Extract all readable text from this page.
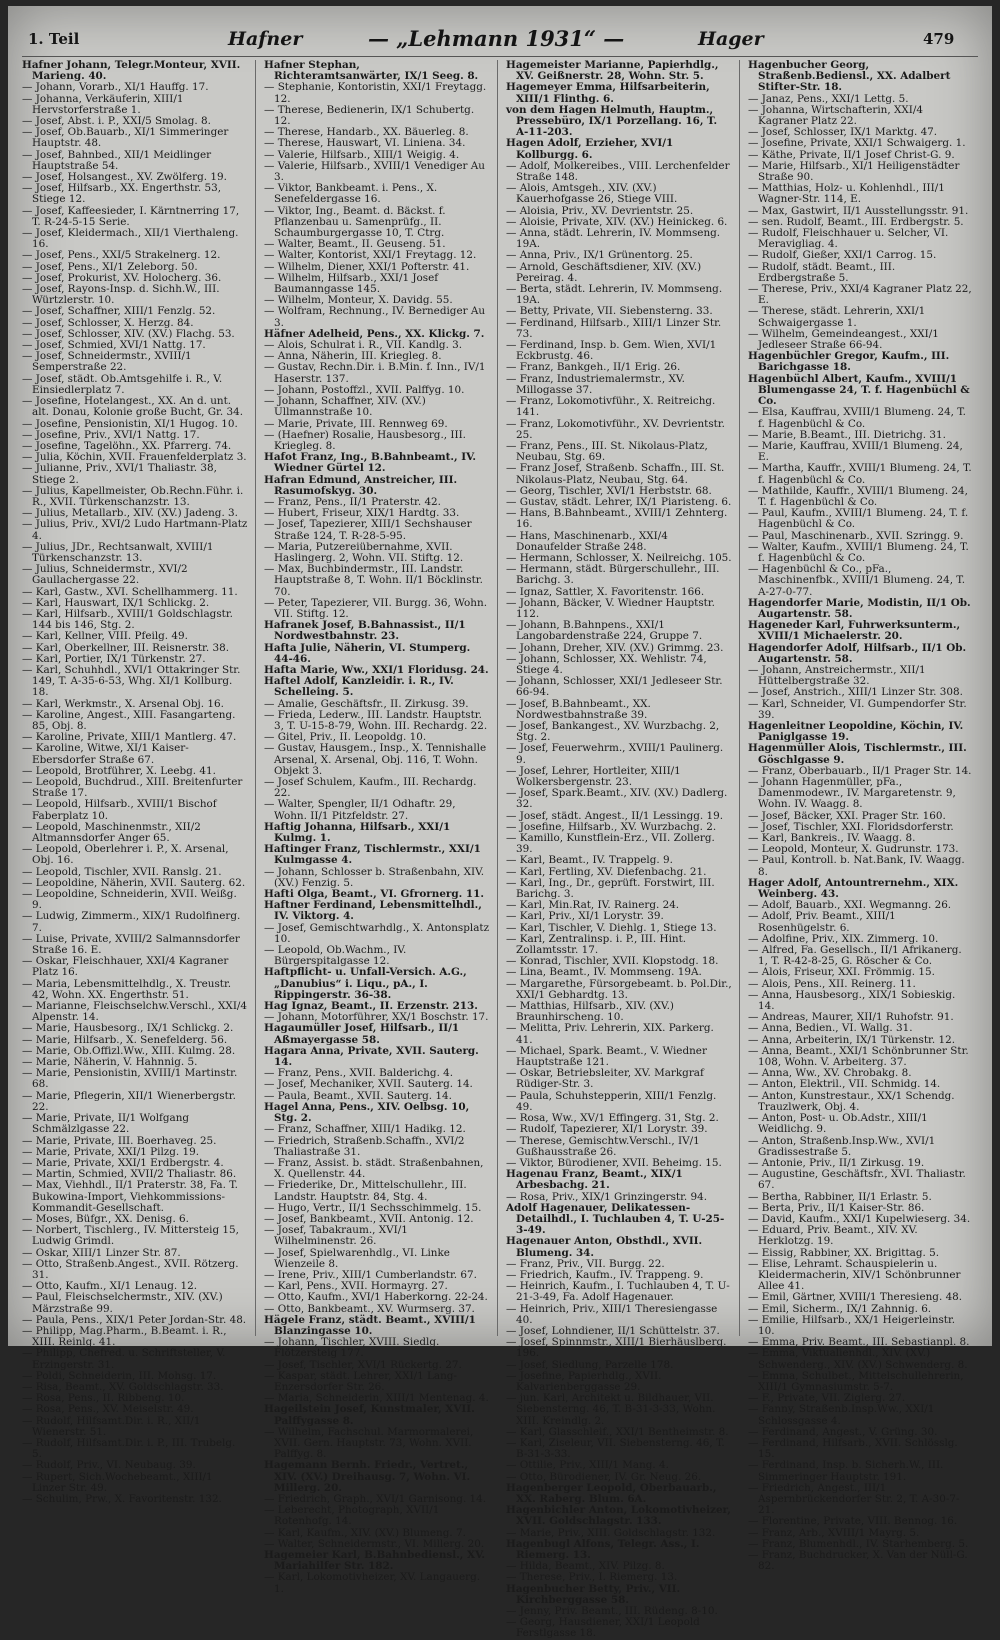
1. Teil	Hafner	— „Lehmann 1931“ —	Hager	479

Hafner Johann, Telegr.Monteur, XVII. Marieng. 40.

— Johann, Vorarb., XI/1 Hauffg. 17.

— Johanna, Verkäuferin, XIII/1 Hervstorferstraße 1.

— Josef, Abst. i. P., XXI/5 Smolag. 8.

— Josef, Ob.Bauarb., XI/1 Simmeringer Hauptstr. 48.

— Josef, Bahnbed., XII/1 Meidlinger Hauptstraße 54.

— Josef, Holsangest., XV. Zwölferg. 19.

— Josef, Hilfsarb., XX. Engerthstr. 53, Stiege 12.

— Josef, Kaffeesieder, I. Kärntnerring 17, T. R-24-5-15 Serie.

— Josef, Kleidermach., XII/1 Vierthaleng. 16.

— Josef, Pens., XXI/5 Strakelnerg. 12.

— Josef, Pens., XI/1 Zeleborg. 50.

— Josef, Prokurist, XV. Holocherg. 36.

— Josef, Rayons-Insp. d. Sichh.W., III. Würtzlerstr. 10.

— Josef, Schaffner, XIII/1 Fenzlg. 52.

— Josef, Schlosser, X. Herzg. 84.

— Josef, Schlosser, XIV. (XV.) Flachg. 53.

— Josef, Schmied, XVI/1 Nattg. 17.

— Josef, Schneidermstr., XVIII/1 Semperstraße 22.

— Josef, städt. Ob.Amtsgehilfe i. R., V. Einsiedlerplatz 7.

— Josefine, Hotelangest., XX. An d. unt. alt. Donau, Kolonie große Bucht, Gr. 34.

— Josefine, Pensionistin, XI/1 Hugog. 10.

— Josefine, Priv., XVI/1 Nattg. 17.

— Josefine, Tagelöhn., XX. Pfarrerg. 74.

— Julia, Köchin, XVII. Frauenfelderplatz 3.

— Julianne, Priv., XVI/1 Thaliastr. 38, Stiege 2.

— Julius, Kapellmeister, Ob.Rechn.Führ. i. R., XVII. Türkenschanzstr. 13.

— Julius, Metallarb., XIV. (XV.) Jadeng. 3.

— Julius, Priv., XVI/2 Ludo Hartmann-Platz 4.

— Julius, JDr., Rechtsanwalt, XVIII/1 Türkenschanzstr. 13.

— Julius, Schneidermstr., XVI/2 Gaullachergasse 22.

— Karl, Gastw., XVI. Schellhammerg. 11.

— Karl, Hauswart, IX/1 Schlickg. 2.

— Karl, Hilfsarb., XVIII/1 Goldschlagstr. 144 bis 146, Stg. 2.

— Karl, Kellner, VIII. Pfeilg. 49.

— Karl, Oberkellner, III. Reisnerstr. 38.

— Karl, Portier, IX/1 Türkenstr. 27.

— Karl, Schuhhdl., XVI/1 Ottakringer Str. 149, T. A-35-6-53, Whg. XI/1 Kollburg. 18.

— Karl, Werkmstr., X. Arsenal Obj. 16.

— Karoline, Angest., XIII. Fasangarteng. 85, Obj. 8.

— Karoline, Private, XIII/1 Mantlerg. 47.

— Karoline, Witwe, XI/1 Kaiser-Ebersdorfer Straße 67.

— Leopold, Brotführer, X. Leebg. 41.

— Leopold, Buchdrud., XIII. Breitenfurter Straße 17.

— Leopold, Hilfsarb., XVIII/1 Bischof Faberplatz 10.

— Leopold, Maschinenmstr., XII/2 Altmannsdorfer Anger 65.

— Leopold, Oberlehrer i. P., X. Arsenal, Obj. 16.

— Leopold, Tischler, XVII. Ranslg. 21.

— Leopoldine, Näherin, XVII. Sauterg. 62.

— Leopoldine, Schneiderin, XVII. Weißg. 9.

— Ludwig, Zimmerm., XIX/1 Rudolfinerg. 7.

— Luise, Private, XVIII/2 Salmannsdorfer Straße 16. E.

— Oskar, Fleischhauer, XXI/4 Kagraner Platz 16.

— Maria, Lebensmittelhdlg., X. Treustr. 42, Wohn. XX. Engerthstr. 51.

— Marianne, Fleischselchw.Verschl., XXI/4 Alpenstr. 14.

— Marie, Hausbesorg., IX/1 Schlickg. 2.

— Marie, Hilfsarb., X. Senefelderg. 56.

— Marie, Ob.Offizl.Ww., XIII. Kulmg. 28.

— Marie, Näherin, V. Hahnnig. 5.

— Marie, Pensionistin, XVIII/1 Martinstr. 68.

— Marie, Pflegerin, XII/1 Wienerbergstr. 22.

— Marie, Private, II/1 Wolfgang Schmälzlgasse 22.

— Marie, Private, III. Boerhaveg. 25.

— Marie, Private, XXI/1 Pilzg. 19.

— Marie, Private, XXI/1 Erdbergstr. 4.

— Martin, Schmied, XVII/2 Thaliastr. 86.

— Max, Viehhdl., II/1 Praterstr. 38, Fa. T. Bukowina-Import, Viehkommissions-Kommandit-Gesellschaft.

— Moses, Büfgr., XX. Denisg. 6.

— Norbert, Tischlerg., IV. Mittersteig 15, Ludwig Grimdl.

— Oskar, XIII/1 Linzer Str. 87.

— Otto, Straßenb.Angest., XVII. Rötzerg. 31.

— Otto, Kaufm., XI/1 Lenaug. 12.

— Paul, Fleischselchermstr., XIV. (XV.) Märzstraße 99.

— Paula, Pens., XIX/1 Peter Jordan-Str. 48.

— Philipp, Mag.Pharm., B.Beamt. i. R., XIII. Reinlg. 41.

— Philipp, Chefred. u. Schriftsteller, V. Erzingerstr. 31.

— Poldi, Schneiderin, III. Mohsg. 17.

— Risa, Beamt., XV. Goldschlagstr. 33.

— Rosa, Pens., II. Ribbeng. 10.

— Rosa, Pens., XV. Meiselstr. 49.

— Rudolf, Hilfsamt.Dir. i. R., XII/1 Wienerstr. 51.

— Rudolf, Hilfsamt.Dir. i. P., III. Trubelg. 5.

— Rudolf, Priv., VI. Neubaug. 39.

— Rupert, Sich.Wochebeamt., XIII/1 Linzer Str. 49.

— Schulim, Prw., X. Favoritenstr. 132.

Hafner Stephan, Richteramtsanwärter, IX/1 Seeg. 8.

— Stephanie, Kontoristin, XXI/1 Freytagg. 12.

— Therese, Bedienerin, IX/1 Schubertg. 12.

— Therese, Handarb., XX. Bäuerleg. 8.

— Therese, Hauswart, VI. Liniena. 34.

— Valerie, Hilfsarb., XIII/1 Weigig. 4.

— Valerie, Hilfsarb., XVIII/1 Venediger Au 3.

— Viktor, Bankbeamt. i. Pens., X. Senefeldergasse 16.

— Viktor, Ing., Beamt. d. Bäckst. f. Pflanzenbau u. Samenprüfg., II. Schaumburgergasse 10, T. Ctrg.

— Walter, Beamt., II. Geuseng. 51.

— Walter, Kontorist, XXI/1 Freytagg. 12.

— Wilhelm, Diener, XXI/1 Pofterstr. 41.

— Wilhelm, Hilfsarb., XXI/1 Josef Baumanngasse 145.

— Wilhelm, Monteur, X. Davidg. 55.

— Wolfram, Rechnung., IV. Bernediger Au 3.

Häfner Adelheid, Pens., XX. Klickg. 7.

— Alois, Schulrat i. R., VII. Kandlg. 3.

— Anna, Näherin, III. Kriegleg. 8.

— Gustav, Rechn.Dir. i. B.Min. f. Inn., IV/1 Haserstr. 137.

— Johann, Postoffzl., XVII. Palffyg. 10.

— Johann, Schaffner, XIV. (XV.) Ullmannstraße 10.

— Marie, Private, III. Rennweg 69.

— (Haefner) Rosalie, Hausbesorg., III. Kriegleg. 8.

Hafot Franz, Ing., B.Bahnbeamt., IV. Wiedner Gürtel 12.

Hafran Edmund, Anstreicher, III. Rasumofskyg. 30.

— Franz, Pens., II/1 Praterstr. 42.

— Hubert, Friseur, XIX/1 Hardtg. 33.

— Josef, Tapezierer, XIII/1 Sechshauser Straße 124, T. R-28-5-95.

— Maria, Putzereiübernahme, XVII. Haslingerg. 2, Wohn. VII. Stiftg. 12.

— Max, Buchbindermstr., III. Landstr. Hauptstraße 8, T. Wohn. II/1 Böcklinstr. 70.

— Peter, Tapezierer, VII. Burgg. 36, Wohn. VII. Stiftg. 12.

Hafranek Josef, B.Bahnassist., II/1 Nordwestbahnstr. 23.

Hafta Julie, Näherin, VI. Stumperg. 44-46.

Hafta Marie, Ww., XXI/1 Floridusg. 24.

Haftel Adolf, Kanzleidir. i. R., IV. Schelleing. 5.

— Amalie, Geschäftsfr., II. Zirkusg. 39.

— Frieda, Lederw., III. Landstr. Hauptstr. 3, T. U-15-8-79, Wohn. III. Rechardg. 22.

— Gitel, Priv., II. Leopoldg. 10.

— Gustav, Hausgem., Insp., X. Tennishalle Arsenal, X. Arsenal, Obj. 116, T. Wohn. Objekt 3.

— Josef Schulem, Kaufm., III. Rechardg. 22.

— Walter, Spengler, II/1 Odhaftr. 29, Wohn. II/1 Pitzfeldstr. 27.

Haftig Johanna, Hilfsarb., XXI/1 Kulmg. 1.

Haftinger Franz, Tischlermstr., XXI/1 Kulmgasse 4.

— Johann, Schlosser b. Straßenbahn, XIV. (XV.) Fenzig. 5.

Hafti Olga, Beamt., VI. Gfrornerg. 11.

Haftner Ferdinand, Lebensmittelhdl., IV. Viktorg. 4.

— Josef, Gemischtwarhdlg., X. Antonsplatz 10.

— Leopold, Ob.Wachm., IV. Bürgerspitalgasse 12.

Haftpflicht- u. Unfall-Versich. A.G., „Danubius“ i. Liqu., pA., I. Rippingerstr. 36-38.

Hag Ignaz, Beamt., II. Erzenstr. 213.

— Johann, Motorführer, XX/1 Boschstr. 17.

Hagaumüller Josef, Hilfsarb., II/1 Aßmayergasse 58.

Hagara Anna, Private, XVII. Sauterg. 14.

— Franz, Pens., XVII. Balderichg. 4.

— Josef, Mechaniker, XVII. Sauterg. 14.

— Paula, Beamt., XVII. Sauterg. 14.

Hagel Anna, Pens., XIV. Oelbsg. 10, Stg. 2.

— Franz, Schaffner, XIII/1 Hadikg. 12.

— Friedrich, Straßenb.Schaffn., XVI/2 Thaliastraße 31.

— Franz, Assist. b. städt. Straßenbahnen, X. Quellenstr. 44.

— Friederike, Dr., Mittelschullehr., III. Landstr. Hauptstr. 84, Stg. 4.

— Hugo, Vertr., II/1 Sechsschimmelg. 15.

— Josef, Bankbeamt., XVII. Antonig. 12.

— Josef, Tabakraum., XVI/1 Wilhelminenstr. 26.

— Josef, Spielwarenhdlg., VI. Linke Wienzeile 8.

— Irene, Priv., XIII/1 Cumberlandstr. 67.

— Karl, Pens., XVII. Hormayrg. 27.

— Otto, Kaufm., XVI/1 Haberkorng. 22-24.

— Otto, Bankbeamt., XV. Wurmserg. 37.

Hägele Franz, städt. Beamt., XVIII/1 Blanzingasse 10.

— Johann, Tischler, XVIII. Siedlg. Flötzersteig 177.

— Josef, Tischler, XVI/1 Rückertg. 27.

— Kaspar, städt. Lehrer, XXI/1 Lang-Enzersdorfer Str. 26.

— Maria, Schneiderin, XIII/1 Mentenag. 4.

Hageilstein Josef, Kunstmaler, XVII. Palffygasse 8.

— Wilhelm, Fachschul. Marmormalerei, XVII. Gern. Hauptstr. 73, Wohn. XVII. Palffyg. 8.

Hagemann Bernh. Friedr., Vertret., XIV. (XV.) Dreihausg. 7, Wohn. VI. Millerg. 20.

— Friedrich, Graph., XVI/1 Garnisong. 14.

— Leberecht, Photograph, XVII/1 Rotenhofg. 14.

— Karl, Kaufm., XIV. (XV.) Blumeng. 7.

— Walter, Schneidermstr., VI. Millerg. 20.

Hagemeier Karl, B.Bahnbediensl., XV. Mariahilfer Str. 182.

— Karl, Lokomotivheizer, XV. Langauerg. 1.

Hagemeister Marianne, Papierhdlg., XV. Geißnerstr. 28, Wohn. Str. 5.

Hagemeyer Emma, Hilfsarbeiterin, XIII/1 Flinthg. 6.

von dem Hagen Helmuth, Hauptm., Pressebüro, IX/1 Porzellang. 16, T. A-11-203.

Hagen Adolf, Erzieher, XVI/1 Kollburgg. 6.

— Adolf, Molkereibes., VIII. Lerchenfelder Straße 148.

— Alois, Amtsgeh., XIV. (XV.) Kauerhofgasse 26, Stiege VIII.

— Aloisia, Priv., XV. Devrientstr. 25.

— Aloisie, Private, XIV. (XV.) Heinickeg. 6.

— Anna, städt. Lehrerin, IV. Mommseng. 19A.

— Anna, Priv., IX/1 Grünentorg. 25.

— Arnold, Geschäftsdiener, XIV. (XV.) Pereirag. 4.

— Berta, städt. Lehrerin, IV. Mommseng. 19A.

— Betty, Private, VII. Siebensterng. 33.

— Ferdinand, Hilfsarb., XIII/1 Linzer Str. 73.

— Ferdinand, Insp. b. Gem. Wien, XVI/1 Eckbrustg. 46.

— Franz, Bankgeh., II/1 Erig. 26.

— Franz, Industriemalermstr., XV. Millogasse 37.

— Franz, Lokomotivführ., X. Reitreichg. 141.

— Franz, Lokomotivführ., XV. Devrientstr. 25.

— Franz, Pens., III. St. Nikolaus-Platz, Neubau, Stg. 69.

— Franz Josef, Straßenb. Schaffn., III. St. Nikolaus-Platz, Neubau, Stg. 64.

— Georg, Tischler, XVI/1 Herbststr. 68.

— Gustav, städt. Lehrer, IX/1 Piaristeng. 6.

— Hans, B.Bahnbeamt., XVIII/1 Zehnterg. 16.

— Hans, Maschinenarb., XXI/4 Donaufelder Straße 248.

— Hermann, Schlosser, X. Neilreichg. 105.

— Hermann, städt. Bürgerschullehr., III. Barichg. 3.

— Ignaz, Sattler, X. Favoritenstr. 166.

— Johann, Bäcker, V. Wiedner Hauptstr. 112.

— Johann, B.Bahnpens., XXI/1 Langobardenstraße 224, Gruppe 7.

— Johann, Dreher, XIV. (XV.) Grimmg. 23.

— Johann, Schlosser, XX. Wehlistr. 74, Stiege 4.

— Johann, Schlosser, XXI/1 Jedleseer Str. 66-94.

— Josef, B.Bahnbeamt., XX. Nordwestbahnstraße 39.

— Josef, Bankangest., XV. Wurzbachg. 2, Stg. 2.

— Josef, Feuerwehrm., XVIII/1 Paulinerg. 9.

— Josef, Lehrer, Hortleiter, XIII/1 Wolkersbergenstr. 23.

— Josef, Spark.Beamt., XIV. (XV.) Dadlerg. 32.

— Josef, städt. Angest., II/1 Lessingg. 19.

— Josefine, Hilfsarb., XV. Wurzbachg. 2.

— Kamillo, Kunstflein-Erz., VII. Zollerg. 39.

— Karl, Beamt., IV. Trappelg. 9.

— Karl, Fertling, XV. Diefenbachg. 21.

— Karl, Ing., Dr., geprüft. Forstwirt, III. Barichg. 3.

— Karl, Min.Rat, IV. Rainerg. 24.

— Karl, Priv., XI/1 Lorystr. 39.

— Karl, Tischler, V. Diehlg. 1, Stiege 13.

— Karl, Zentralinsp. i. P., III. Hint. Zollamtsstr. 17.

— Konrad, Tischler, XVII. Klopstodg. 18.

— Lina, Beamt., IV. Mommseng. 19A.

— Margarethe, Fürsorgebeamt. b. Pol.Dir., XXI/1 Gebhardtg. 13.

— Matthias, Hilfsarb., XIV. (XV.) Braunhirscheng. 10.

— Melitta, Priv. Lehrerin, XIX. Parkerg. 41.

— Michael, Spark. Beamt., V. Wiedner Hauptstraße 121.

— Oskar, Betriebsleiter, XV. Markgraf Rüdiger-Str. 3.

— Paula, Schuhstepperin, XIII/1 Fenzlg. 49.

— Rosa, Ww., XV/1 Effingerg. 31, Stg. 2.

— Rudolf, Tapezierer, XI/1 Lorystr. 39.

— Therese, Gemischtw.Verschl., IV/1 Gußhausstraße 26.

— Viktor, Bürodiener, XVII. Beheimg. 15.

Hagenau Franz, Beamt., XIX/1 Arbesbachg. 21.

— Rosa, Priv., XIX/1 Grinzingerstr. 94.

Adolf Hagenauer, Delikatessen-Detailhdl., I. Tuchlauben 4, T. U-25-3-49.

Hagenauer Anton, Obsthdl., XVII. Blumeng. 34.

— Franz, Priv., VII. Burgg. 22.

— Friedrich, Kaufm., IV. Trappeng. 9.

— Heinrich, Kaufm., I. Tuchlauben 4, T. U-21-3-49, Fa. Adolf Hagenauer.

— Heinrich, Priv., XIII/1 Theresiengasse 40.

— Josef, Lohndiener, II/1 Schüttelstr. 37.

— Josef, Spinnmstr., XIII/1 Bierhäuslberg. 196.

— Josef, Siedlung, Parzelle 178.

— Josefine, Papierhdlg., XVII. Kalvarienberggasse 29.

— jun. Karl, Architekt u. Bildhauer, VII. Siebensterng. 46, T. B-31-3-33, Wohn. XIII. Kreindlg. 2.

— Karl, Glasschleif., XXI/1 Bentheimstr. 8.

— Karl, Ziseleur, VII. Siebensterng. 46, T. B-31-3-33.

— Ottilie, Priv., XIII/1 Mang. 4.

— Otto, Bürodiener, IV. Gr. Neug. 26.

Hagenberger Leopold, Oberbauarb., XX. Raberg. Blum. 6A.

Hagenbichler Anton, Lokomotivheizer, XVII. Goldschlagstr. 133.

— Marie, Priv., XIII. Goldschlagstr. 132.

Hagenbugl Alfons, Telegr. Ass., I. Riemerg. 13.

— Hilda, Beamt., XIV. Pilzg. 8.

— Therese, Priv., I. Riemerg. 13.

Hagenbucher Betty, Priv., VII. Kirchberggasse 58.

— Jenny, Priv. Beamt., III. Rüdeng. 8-10.

— Georg, Hausdiener, XXI/1 Leopold Ferstlgasse 18.

Hagenbucher Georg, Straßenb.Bediensl., XX. Adalbert Stifter-Str. 18.

— Janaz, Pens., XXI/1 Lettg. 5.

— Johanna, Wirtschafterin, XXI/4 Kagraner Platz 22.

— Josef, Schlosser, IX/1 Marktg. 47.

— Josefine, Private, XXI/1 Schwaigerg. 1.

— Käthe, Private, II/1 Josef Christ-G. 9.

— Marie, Hilfsarb., XI/1 Heiligenstädter Straße 90.

— Matthias, Holz- u. Kohlenhdl., III/1 Wagner-Str. 114, E.

— Max, Gastwirt, II/1 Ausstellungsstr. 91.

— sen. Rudolf, Beamt., III. Erdbergstr. 5.

— Rudolf, Fleischhauer u. Selcher, VI. Meravigliag. 4.

— Rudolf, Gießer, XXI/1 Carrog. 15.

— Rudolf, städt. Beamt., III. Erdbergstraße 5.

— Therese, Priv., XXI/4 Kagraner Platz 22, E.

— Therese, städt. Lehrerin, XXI/1 Schwaigergasse 1.

— Wilhelm, Gemeindeangest., XXI/1 Jedleseer Straße 66-94.

Hagenbüchler Gregor, Kaufm., III. Barichgasse 18.

Hagenbüchl Albert, Kaufm., XVIII/1 Blumengasse 24, T. f. Hagenbüchl & Co.

— Elsa, Kauffrau, XVIII/1 Blumeng. 24, T. f. Hagenbüchl & Co.

— Marie, B.Beamt., III. Dietrichg. 31.

— Marie, Kauffrau, XVIII/1 Blumeng. 24, E.

— Martha, Kauffr., XVIII/1 Blumeng. 24, T. f. Hagenbüchl & Co.

— Mathilde, Kauffr., XVIII/1 Blumeng. 24, T. f. Hagenbüchl & Co.

— Paul, Kaufm., XVIII/1 Blumeng. 24, T. f. Hagenbüchl & Co.

— Paul, Maschinenarb., XVII. Szringg. 9.

— Walter, Kaufm., XVIII/1 Blumeng. 24, T. f. Hagenbüchl & Co.

— Hagenbüchl & Co., pFa., Maschinenfbk., XVIII/1 Blumeng. 24, T. A-27-0-77.

Hagendorfer Marie, Modistin, II/1 Ob. Augartenstr. 58.

Hageneder Karl, Fuhrwerksunterm., XVIII/1 Michaelerstr. 20.

Hagendorfer Adolf, Hilfsarb., II/1 Ob. Augartenstr. 58.

— Johann, Anstreichermstr., XII/1 Hüttelbergstraße 32.

— Josef, Anstrich., XIII/1 Linzer Str. 308.

— Karl, Schneider, VI. Gumpendorfer Str. 39.

Hagenleitner Leopoldine, Köchin, IV. Paniglgasse 19.

Hagenmüller Alois, Tischlermstr., III. Göschlgasse 9.

— Franz, Oberbauarb., II/1 Prager Str. 14.

— Johann Hagenmüller, pFa., Damenmodewr., IV. Margaretenstr. 9, Wohn. IV. Waagg. 8.

— Josef, Bäcker, XXI. Prager Str. 160.

— Josef, Tischler, XXI. Floridsdorferstr.

— Karl, Bankreis., IV. Waagg. 8.

— Leopold, Monteur, X. Gudrunstr. 173.

— Paul, Kontroll. b. Nat.Bank, IV. Waagg. 8.

Hager Adolf, Antountrernehm., XIX. Weinberg. 43.

— Adolf, Bauarb., XXI. Wegmanng. 26.

— Adolf, Priv. Beamt., XIII/1 Rosenhügelstr. 6.

— Adolfine, Priv., XIX. Zimmerg. 10.

— Alfred, Fa. Gesellsch., II/1 Afrikanerg. 1, T. R-42-8-25, G. Röscher & Co.

— Alois, Friseur, XXI. Frömmig. 15.

— Alois, Pens., XII. Reinerg. 11.

— Anna, Hausbesorg., XIX/1 Sobieskig. 14.

— Andreas, Maurer, XII/1 Ruhofstr. 91.

— Anna, Bedien., VI. Wallg. 31.

— Anna, Arbeiterin, IX/1 Türkenstr. 12.

— Anna, Beamt., XXI/1 Schönbrunner Str. 108, Wohn. V. Arbeiterg. 37.

— Anna, Ww., XV. Chrobakg. 8.

— Anton, Elektril., VII. Schmidg. 14.

— Anton, Kunstrestaur., XX/1 Schendg. Trauzlwerk, Obj. 4.

— Anton, Post- u. Ob.Adstr., XIII/1 Weidlichg. 9.

— Anton, Straßenb.Insp.Ww., XVI/1 Gradissestraße 5.

— Antonie, Priv., II/1 Zirkusg. 19.

— Augustine, Geschäftsfr., XVI. Thaliastr. 67.

— Bertha, Rabbiner, II/1 Erlastr. 5.

— Berta, Priv., II/1 Kaiser-Str. 86.

— David, Kaufm., XXI/1 Kupelwieserg. 34.

— Eduard, Priv. Beamt., XIV. XV. Herklotzg. 19.

— Eissig, Rabbiner, XX. Brigittag. 5.

— Elise, Lehramt. Schauspielerin u. Kleidermacherin, XIV/1 Schönbrunner Allee 41.

— Emil, Gärtner, XVIII/1 Theresieng. 48.

— Emil, Sicherm., IX/1 Zahnnig. 6.

— Emilie, Hilfsarb., XX/1 Heigerleinstr. 10.

— Emma, Priv. Beamt., III. Sebastianpl. 8.

— Emma, Viktualienhdl., XIV. (XV.) Schwenderg., XIV. (XV.) Schwenderg. 8.

— Emma, Schulbet., Mittelschullehrerin, XIII/1 Gymnasiumstr. 5-7.

— F., Private, VII. Ziglerg. 27.

— Fanny, Straßenb.Insp.Ww., XXI/1 Schlossgasse 4.

— Ferdinand, Angest., V. Grüng. 30.

— Ferdinand, Hilfsarb., XVII. Schlösslg. 15.

— Ferdinand, Insp. b. Sicherh.W., III. Simmeringer Hauptstr. 191.

— Friedrich, Angest., III/1 Aspernbrückendorfer Str. 2, T. A-30-7-21.

— Florentine, Private, VIII. Bennog. 16.

— Franz, Arb., XVIII/1 Mayrg. 5.

— Franz, Blumenhdl., IV. Starhemberg. 5.

— Franz, Buchdrucker, X. Van der Nüll-G. 82.
